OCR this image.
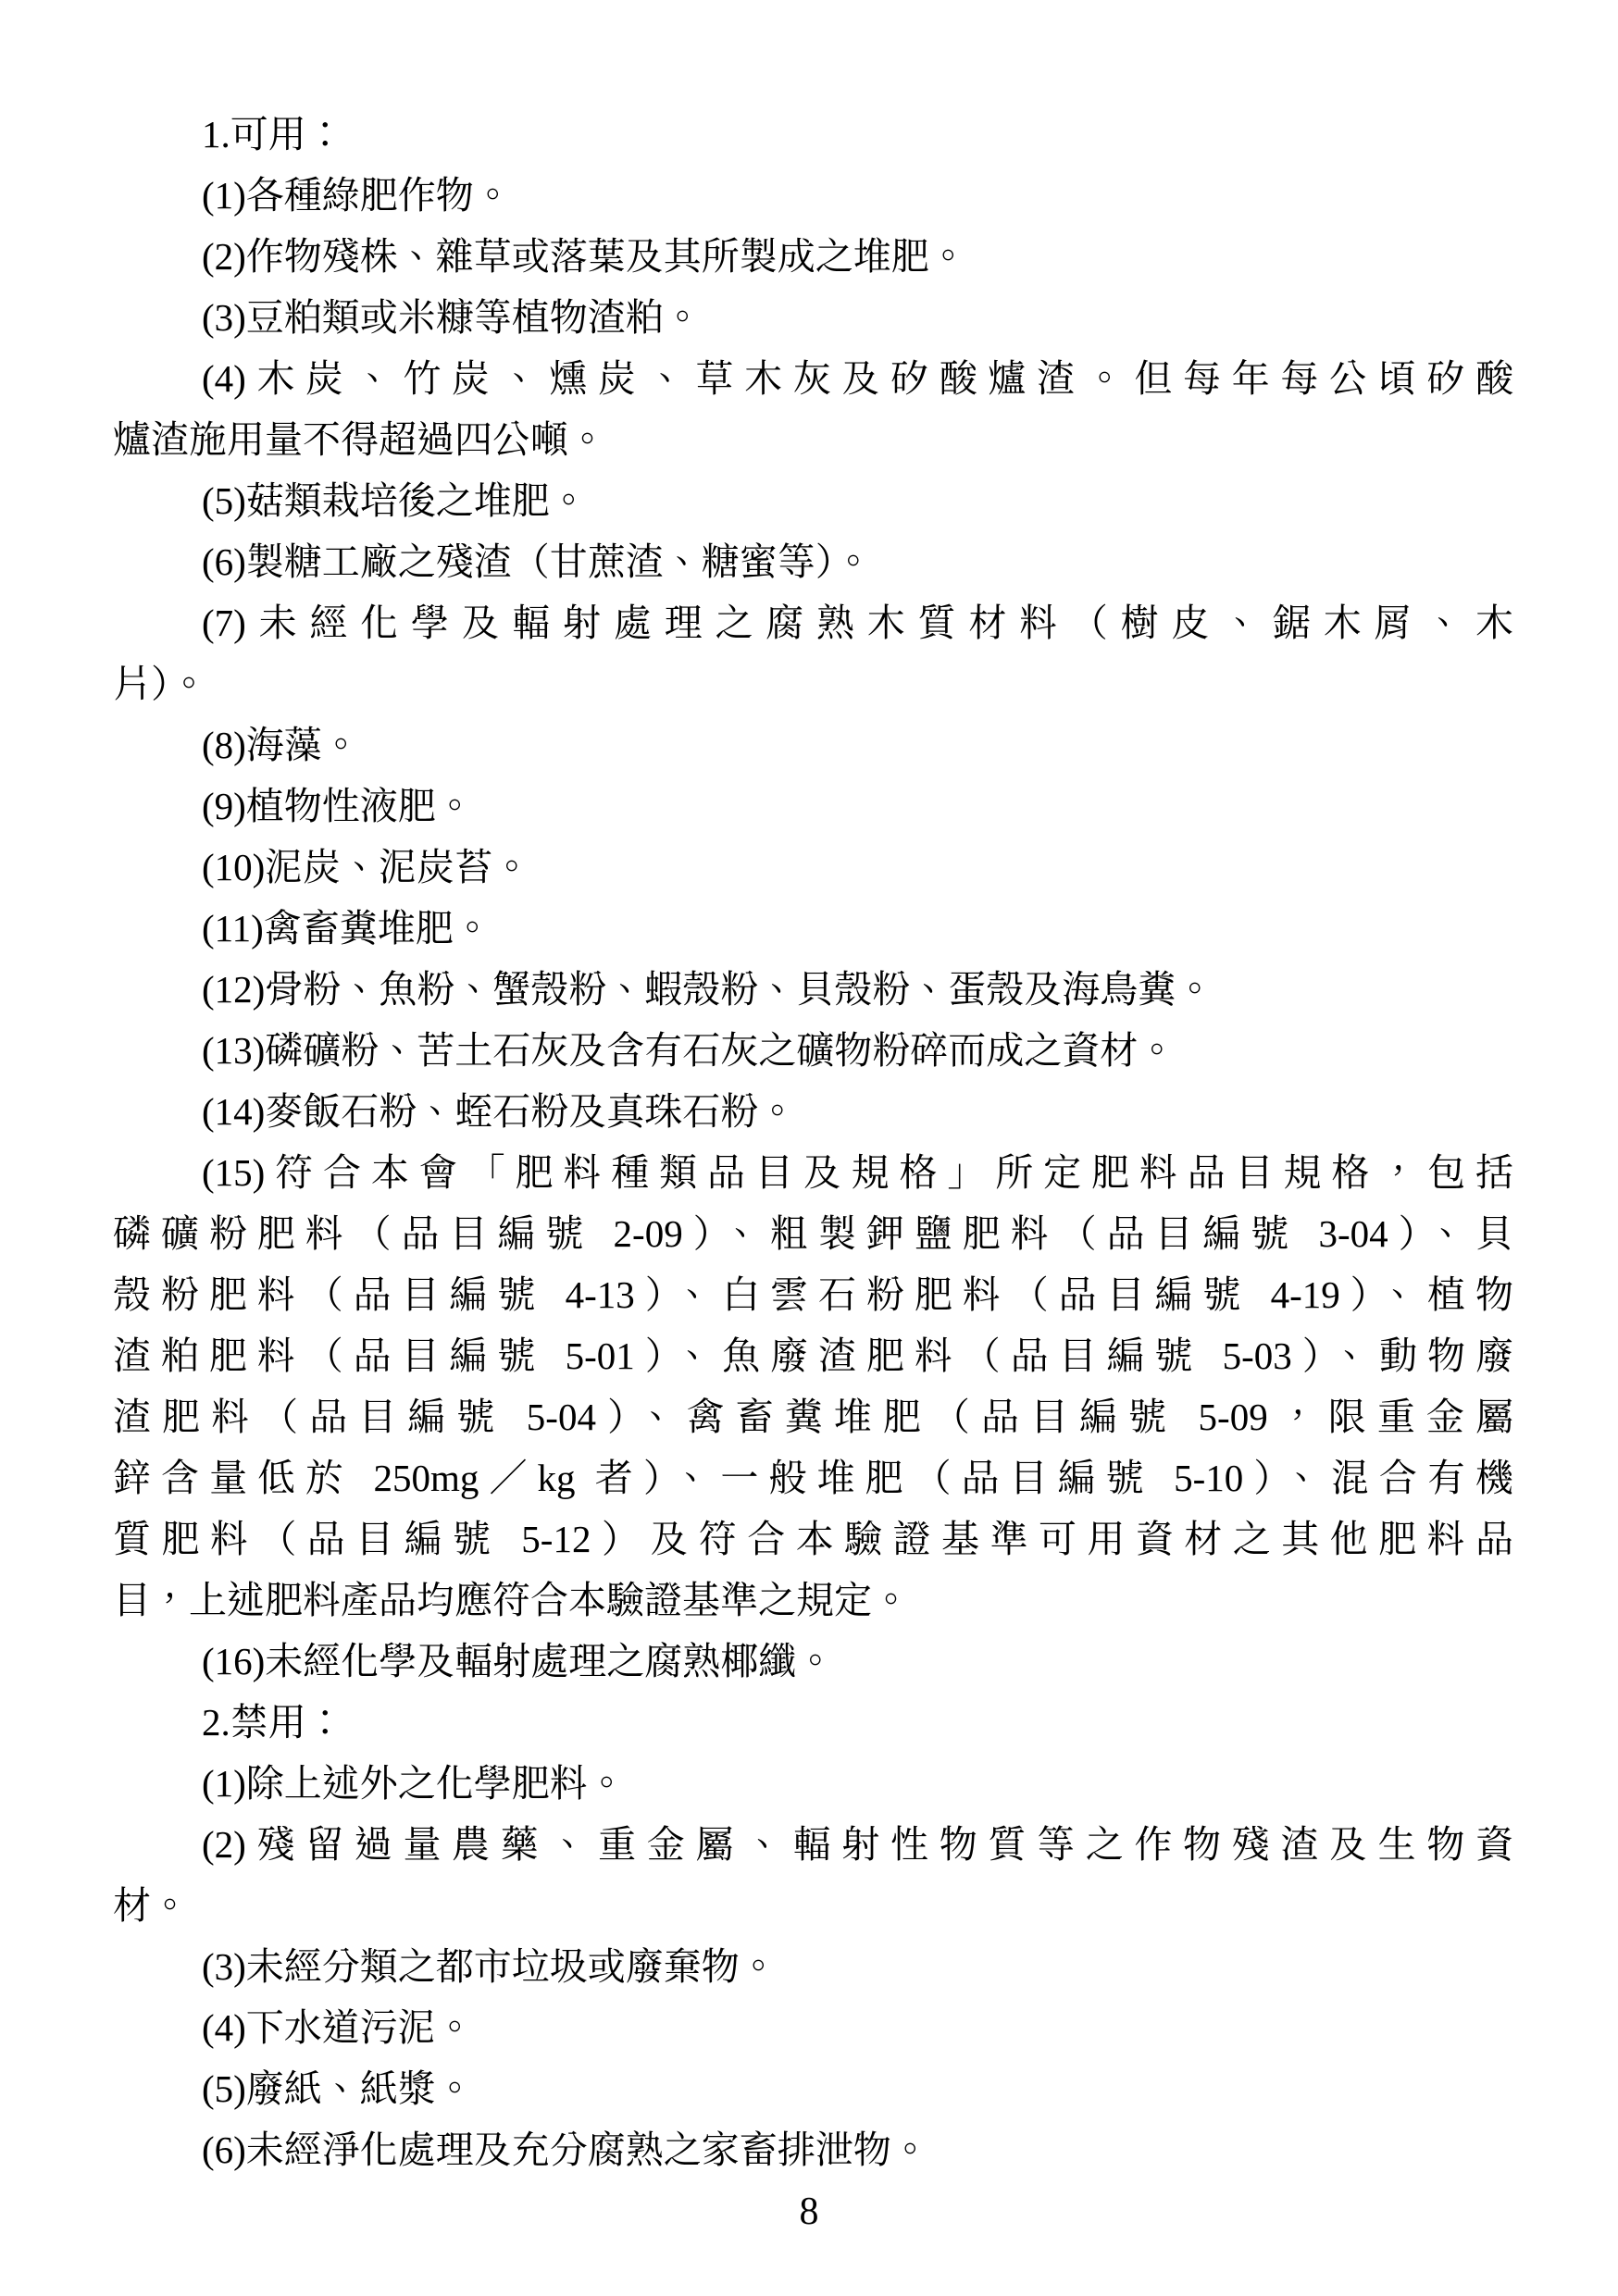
1.可用：
(1)各種綠肥作物。
(2)作物殘株、雜草或落葉及其所製成之堆肥。
(3)豆粕類或米糠等植物渣粕。
(4)木炭、竹炭、燻炭、草木灰及矽酸爐渣。但每年每公頃矽酸
爐渣施用量不得超過四公噸。
(5)菇類栽培後之堆肥。
(6)製糖工廠之殘渣（甘蔗渣、糖蜜等）。
(7)未經化學及輻射處理之腐熟木質材料（樹皮、鋸木屑、木
片）。
(8)海藻。
(9)植物性液肥。
(10)泥炭、泥炭苔。
(11)禽畜糞堆肥。
(12)骨粉、魚粉、蟹殼粉、蝦殼粉、貝殼粉、蛋殼及海鳥糞。
(13)磷礦粉、苦土石灰及含有石灰之礦物粉碎而成之資材。
(14)麥飯石粉、蛭石粉及真珠石粉。
(15)符合本會「肥料種類品目及規格」所定肥料品目規格，包括
磷礦粉肥料（品目編號 2-09）、粗製鉀鹽肥料（品目編號 3-04）、貝
殼粉肥料（品目編號 4-13）、白雲石粉肥料（品目編號 4-19）、植物
渣粕肥料（品目編號 5-01）、魚廢渣肥料（品目編號 5-03）、動物廢
渣肥料（品目編號 5-04）、禽畜糞堆肥（品目編號 5-09，限重金屬
鋅含量低於 250mg／kg 者）、一般堆肥（品目編號 5-10）、混合有機
質肥料（品目編號 5-12）及符合本驗證基準可用資材之其他肥料品
目，上述肥料產品均應符合本驗證基準之規定。
(16)未經化學及輻射處理之腐熟椰纖。
2.禁用：
(1)除上述外之化學肥料。
(2)殘留過量農藥、重金屬、輻射性物質等之作物殘渣及生物資
材。
(3)未經分類之都市垃圾或廢棄物。
(4)下水道污泥。
(5)廢紙、紙漿。
(6)未經淨化處理及充分腐熟之家畜排泄物。
8
